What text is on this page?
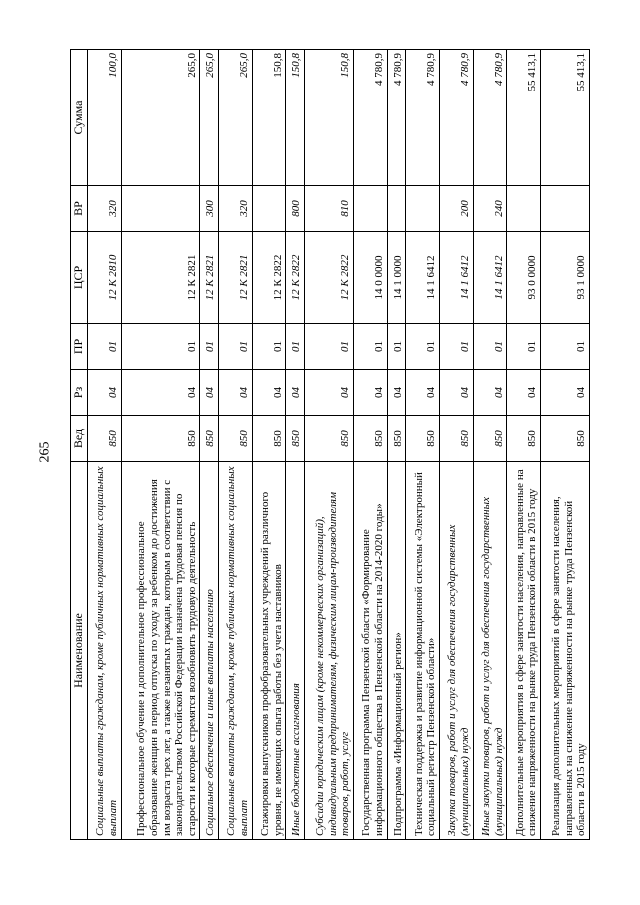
265
Наименование	Вед	Рз	ПР	ЦСР	ВР	Сумма
Социальные выплаты гражданам, кроме публичных нормативных социальных выплат	850	04	01	12 К 2810	320	100,0
Профессиональное обучение и дополнительное профессиональное образование женщин в период отпуска по уходу за ребенком до достижения им возраста трех лет, а также незанятых граждан, которым в соответствии с законодательством Российской Федерации назначена трудовая пенсия по старости и которые стремятся возобновить трудовую деятельность	850	04	01	12 К 2821		265,0
Социальное обеспечение и иные выплаты населению	850	04	01	12 К 2821	300	265,0
Социальные выплаты гражданам, кроме публичных нормативных социальных выплат	850	04	01	12 К 2821	320	265,0
Стажировки выпускников профобразовательных учреждений различного уровня, не имеющих опыта работы без учета наставников	850	04	01	12 К 2822		150,8
Иные бюджетные ассигнования	850	04	01	12 К 2822	800	150,8
Субсидии юридическим лицам (кроме некоммерческих организаций), индивидуальным предпринимателям, физическим лицам-производителям товаров, работ, услуг	850	04	01	12 К 2822	810	150,8
Государственная программа Пензенской области «Формирование информационного общества в Пензенской области на 2014-2020 годы»	850	04	01	14 0 0000		4 780,9
Подпрограмма «Информационный регион»	850	04	01	14 1 0000		4 780,9
Техническая поддержка и развитие информационной системы «Электронный социальный регистр Пензенской области»	850	04	01	14 1 6412		4 780,9
Закупка товаров, работ и услуг для обеспечения государственных (муниципальных) нужд	850	04	01	14 1 6412	200	4 780,9
Иные закупки товаров, работ и услуг для обеспечения государственных (муниципальных) нужд	850	04	01	14 1 6412	240	4 780,9
Дополнительные мероприятия в сфере занятости населения, направленные на снижение напряженности на рынке труда Пензенской области в 2015 году	850	04	01	93 0 0000		55 413,1
Реализация дополнительных мероприятий в сфере занятости населения, направленных на снижение напряженности на рынке труда Пензенской области в 2015 году	850	04	01	93 1 0000		55 413,1
